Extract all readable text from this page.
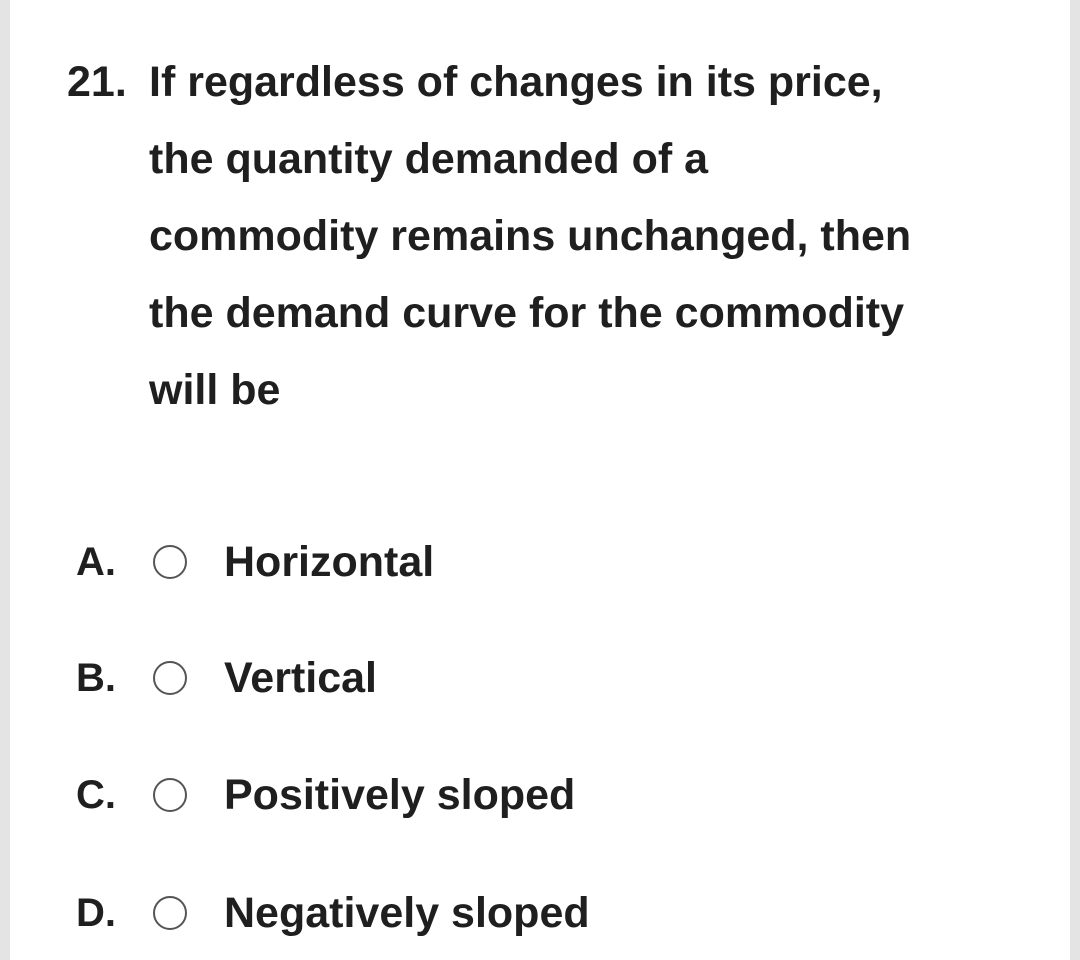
21. If regardless of changes in its price,
the quantity demanded of a
commodity remains unchanged, then
the demand curve for the commodity
will be
A.	Horizontal
B.	Vertical
C.	Positively sloped
D.	Negatively sloped
